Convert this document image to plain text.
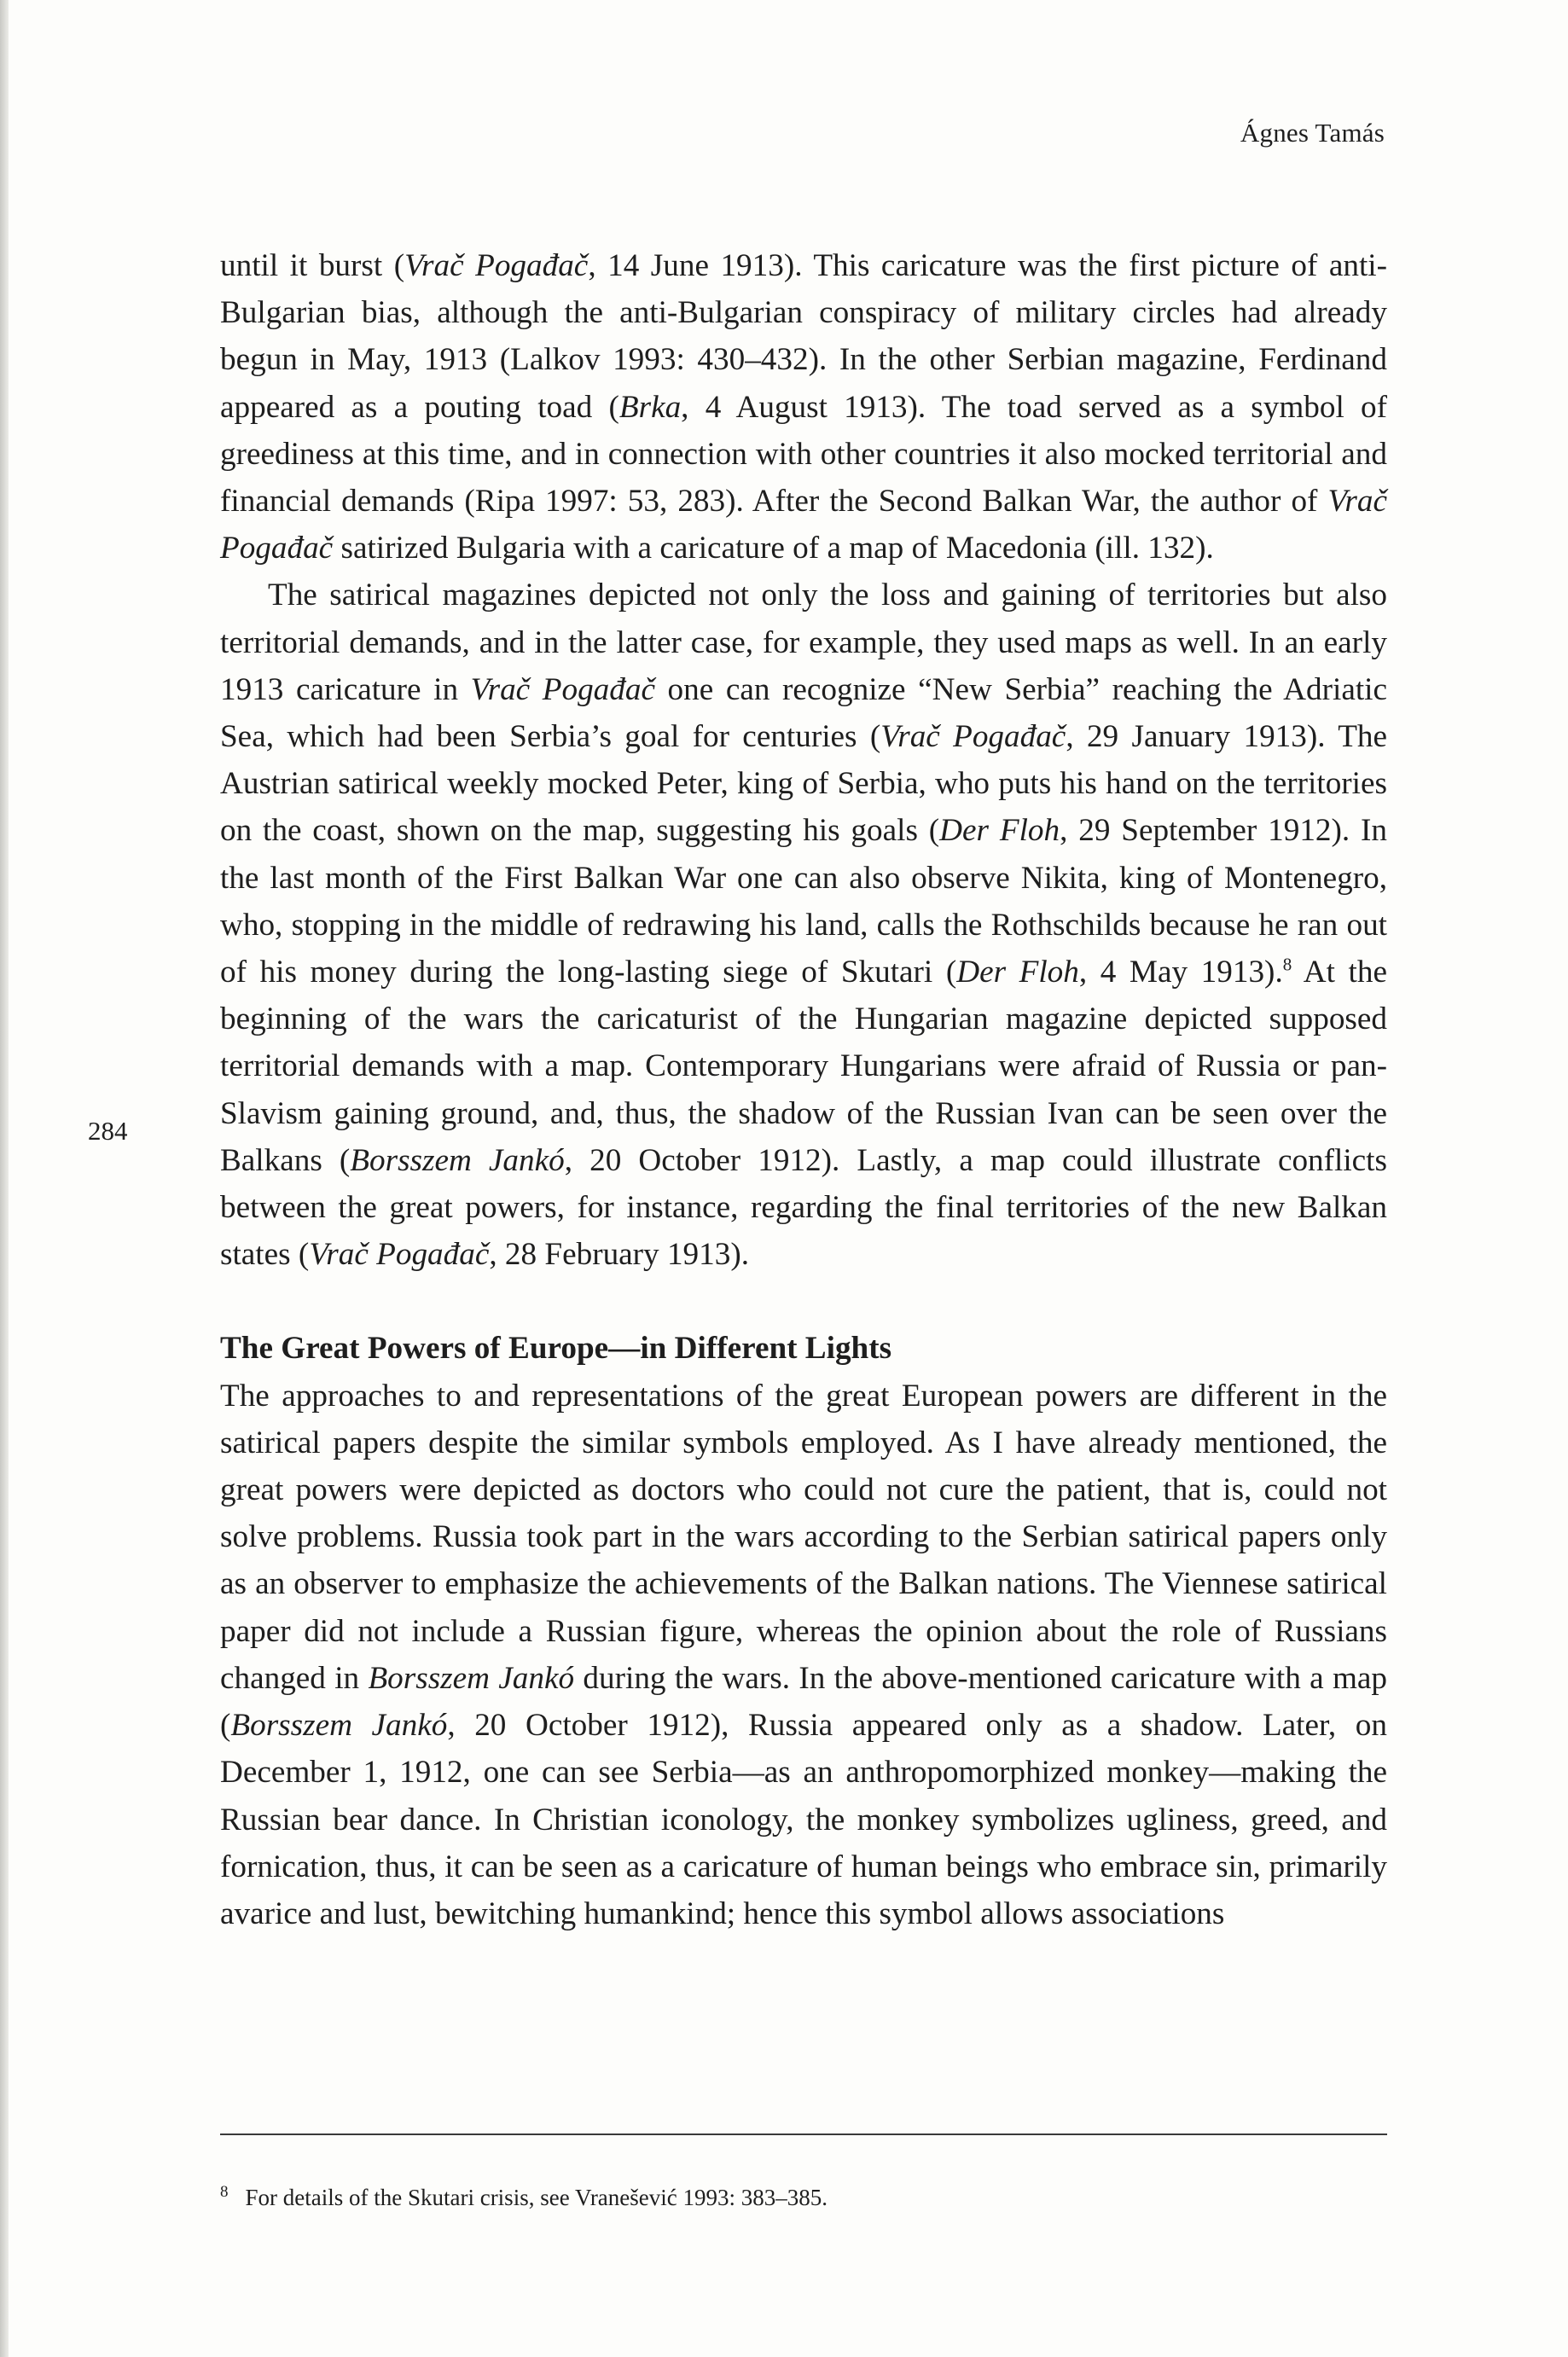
Ágnes Tamás
284

until it burst (Vrač Pogađač, 14 June 1913). This caricature was the first picture of anti-Bulgarian bias, although the anti-Bulgarian conspiracy of military circles had already begun in May, 1913 (Lalkov 1993: 430–432). In the other Serbian magazine, Ferdinand appeared as a pouting toad (Brka, 4 August 1913). The toad served as a symbol of greediness at this time, and in connection with other countries it also mocked territorial and financial demands (Ripa 1997: 53, 283). After the Second Balkan War, the author of Vrač Pogađač satirized Bulgaria with a caricature of a map of Macedonia (ill. 132).

The satirical magazines depicted not only the loss and gaining of territories but also territorial demands, and in the latter case, for example, they used maps as well. In an early 1913 caricature in Vrač Pogađač one can recognize “New Serbia” reaching the Adriatic Sea, which had been Serbia’s goal for centuries (Vrač Pogađač, 29 January 1913). The Austrian satirical weekly mocked Peter, king of Serbia, who puts his hand on the territories on the coast, shown on the map, suggesting his goals (Der Floh, 29 September 1912). In the last month of the First Balkan War one can also observe Nikita, king of Montenegro, who, stopping in the middle of redrawing his land, calls the Rothschilds because he ran out of his money during the long-lasting siege of Skutari (Der Floh, 4 May 1913).$^8$ At the beginning of the wars the caricaturist of the Hungarian magazine depicted supposed territorial demands with a map. Contemporary Hungarians were afraid of Russia or pan-Slavism gaining ground, and, thus, the shadow of the Russian Ivan can be seen over the Balkans (Borsszem Jankó, 20 October 1912). Lastly, a map could illustrate conflicts between the great powers, for instance, regarding the final territories of the new Balkan states (Vrač Pogađač, 28 February 1913).

The Great Powers of Europe—in Different Lights

The approaches to and representations of the great European powers are different in the satirical papers despite the similar symbols employed. As I have already mentioned, the great powers were depicted as doctors who could not cure the patient, that is, could not solve problems. Russia took part in the wars according to the Serbian satirical papers only as an observer to emphasize the achievements of the Balkan nations. The Viennese satirical paper did not include a Russian figure, whereas the opinion about the role of Russians changed in Borsszem Jankó during the wars. In the above-mentioned caricature with a map (Borsszem Jankó, 20 October 1912), Russia appeared only as a shadow. Later, on December 1, 1912, one can see Serbia—as an anthropomorphized monkey—making the Russian bear dance. In Christian iconology, the monkey symbolizes ugliness, greed, and fornication, thus, it can be seen as a caricature of human beings who embrace sin, primarily avarice and lust, bewitching humankind; hence this symbol allows associations

$^8$ For details of the Skutari crisis, see Vranešević 1993: 383–385.
